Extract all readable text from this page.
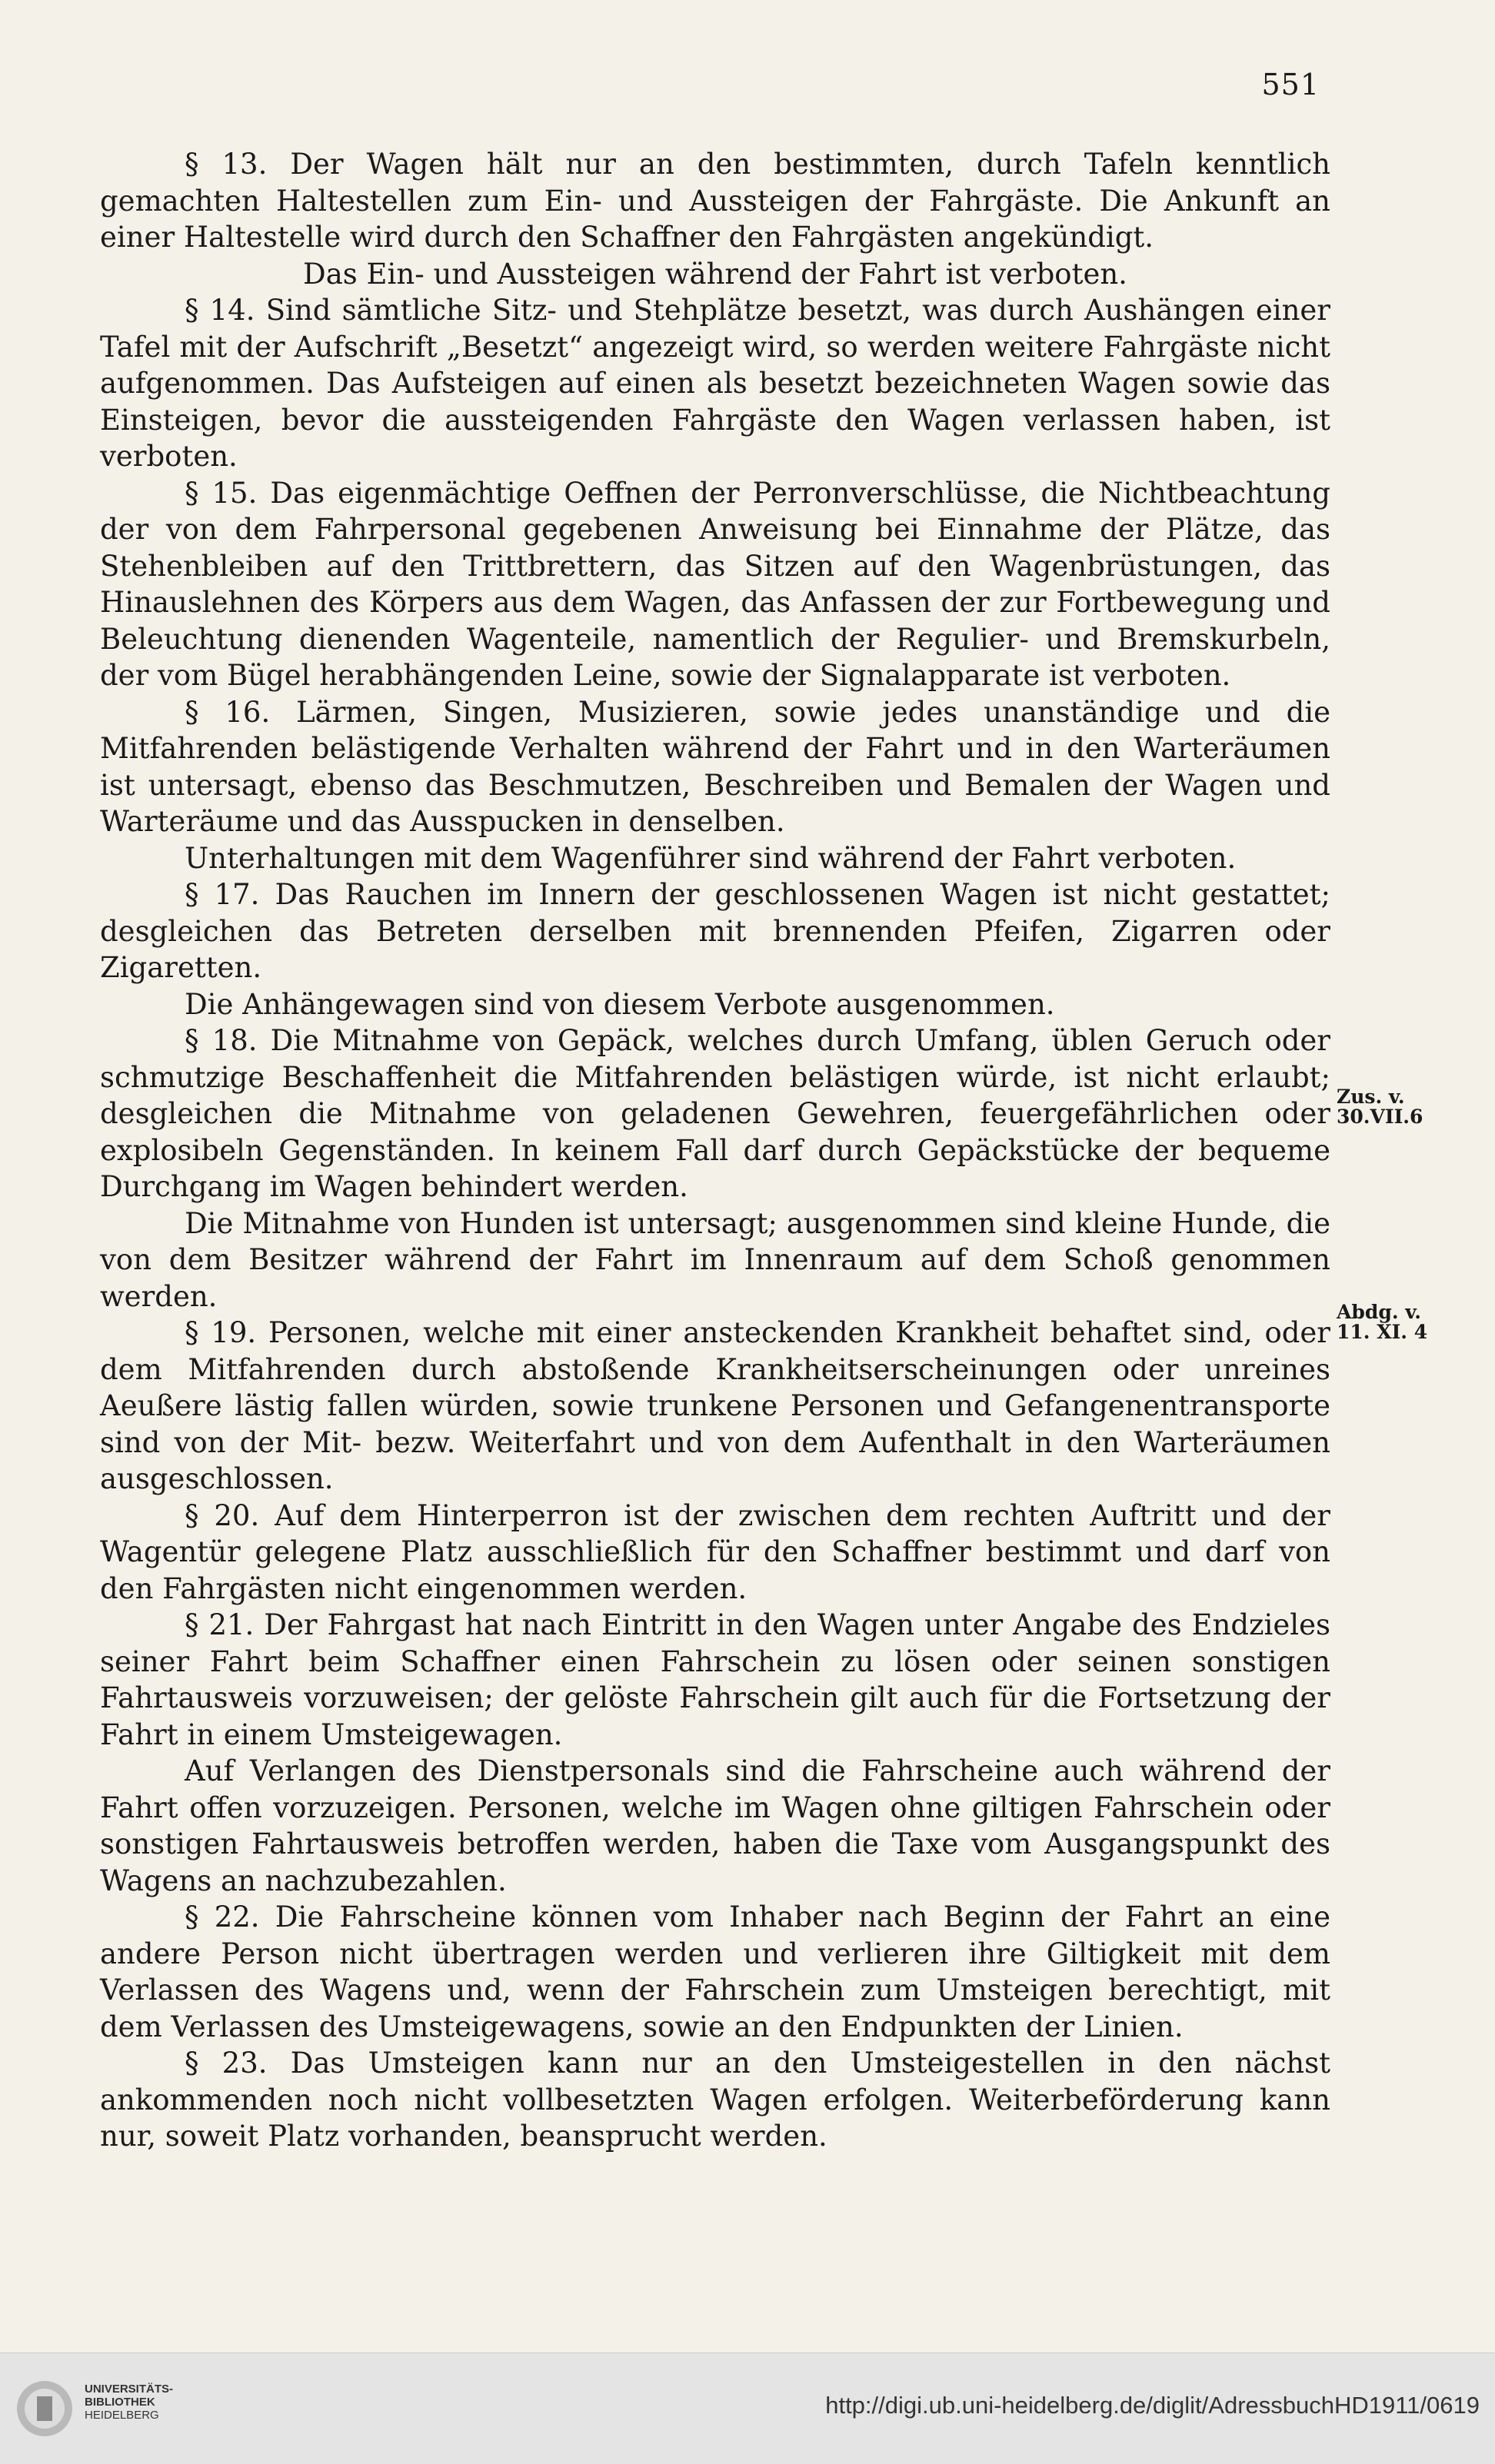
551

§ 13. Der Wagen hält nur an den bestimmten, durch Tafeln kenntlich gemachten Haltestellen zum Ein- und Aussteigen der Fahrgäste. Die Ankunft an einer Haltestelle wird durch den Schaffner den Fahrgästen angekündigt.

Das Ein- und Aussteigen während der Fahrt ist verboten.

§ 14. Sind sämtliche Sitz- und Stehplätze besetzt, was durch Aushängen einer Tafel mit der Aufschrift „Besetzt“ angezeigt wird, so werden weitere Fahrgäste nicht aufgenommen. Das Aufsteigen auf einen als besetzt bezeichneten Wagen sowie das Einsteigen, bevor die aussteigenden Fahrgäste den Wagen verlassen haben, ist verboten.

§ 15. Das eigenmächtige Oeffnen der Perronverschlüsse, die Nichtbeachtung der von dem Fahrpersonal gegebenen Anweisung bei Einnahme der Plätze, das Stehenbleiben auf den Trittbrettern, das Sitzen auf den Wagenbrüstungen, das Hinauslehnen des Körpers aus dem Wagen, das Anfassen der zur Fortbewegung und Beleuchtung dienenden Wagenteile, namentlich der Regulier- und Bremskurbeln, der vom Bügel herabhängenden Leine, sowie der Signalapparate ist verboten.

§ 16. Lärmen, Singen, Musizieren, sowie jedes unanständige und die Mitfahrenden belästigende Verhalten während der Fahrt und in den Warteräumen ist untersagt, ebenso das Beschmutzen, Beschreiben und Bemalen der Wagen und Warteräume und das Ausspucken in denselben.

Unterhaltungen mit dem Wagenführer sind während der Fahrt verboten.

§ 17. Das Rauchen im Innern der geschlossenen Wagen ist nicht gestattet; desgleichen das Betreten derselben mit brennenden Pfeifen, Zigarren oder Zigaretten.

Die Anhängewagen sind von diesem Verbote ausgenommen.

§ 18. Die Mitnahme von Gepäck, welches durch Umfang, üblen Geruch oder schmutzige Beschaffenheit die Mitfahrenden belästigen würde, ist nicht erlaubt; desgleichen die Mitnahme von geladenen Gewehren, feuergefährlichen oder explosibeln Gegenständen. In keinem Fall darf durch Gepäckstücke der bequeme Durchgang im Wagen behindert werden.

Die Mitnahme von Hunden ist untersagt; ausgenommen sind kleine Hunde, die von dem Besitzer während der Fahrt im Innenraum auf dem Schoß genommen werden.

§ 19. Personen, welche mit einer ansteckenden Krankheit behaftet sind, oder dem Mitfahrenden durch abstoßende Krankheitserscheinungen oder unreines Aeußere lästig fallen würden, sowie trunkene Personen und Gefangenentransporte sind von der Mit- bezw. Weiterfahrt und von dem Aufenthalt in den Warteräumen ausgeschlossen.

§ 20. Auf dem Hinterperron ist der zwischen dem rechten Auftritt und der Wagentür gelegene Platz ausschließlich für den Schaffner bestimmt und darf von den Fahrgästen nicht eingenommen werden.

§ 21. Der Fahrgast hat nach Eintritt in den Wagen unter Angabe des Endzieles seiner Fahrt beim Schaffner einen Fahrschein zu lösen oder seinen sonstigen Fahrtausweis vorzuweisen; der gelöste Fahrschein gilt auch für die Fortsetzung der Fahrt in einem Umsteigewagen.

Auf Verlangen des Dienstpersonals sind die Fahrscheine auch während der Fahrt offen vorzuzeigen. Personen, welche im Wagen ohne giltigen Fahrschein oder sonstigen Fahrtausweis betroffen werden, haben die Taxe vom Ausgangspunkt des Wagens an nachzubezahlen.

§ 22. Die Fahrscheine können vom Inhaber nach Beginn der Fahrt an eine andere Person nicht übertragen werden und verlieren ihre Giltigkeit mit dem Verlassen des Wagens und, wenn der Fahrschein zum Umsteigen berechtigt, mit dem Verlassen des Umsteigewagens, sowie an den Endpunkten der Linien.

§ 23. Das Umsteigen kann nur an den Umsteigestellen in den nächst ankommenden noch nicht vollbesetzten Wagen erfolgen. Weiterbeförderung kann nur, soweit Platz vorhanden, beansprucht werden.

Zus. v.
30.VII.6
Abdg. v.
11. XI. 4
UNIVERSITÄTS-
BIBLIOTHEK
HEIDELBERG	http://digi.ub.uni-heidelberg.de/diglit/AdressbuchHD1911/0619
